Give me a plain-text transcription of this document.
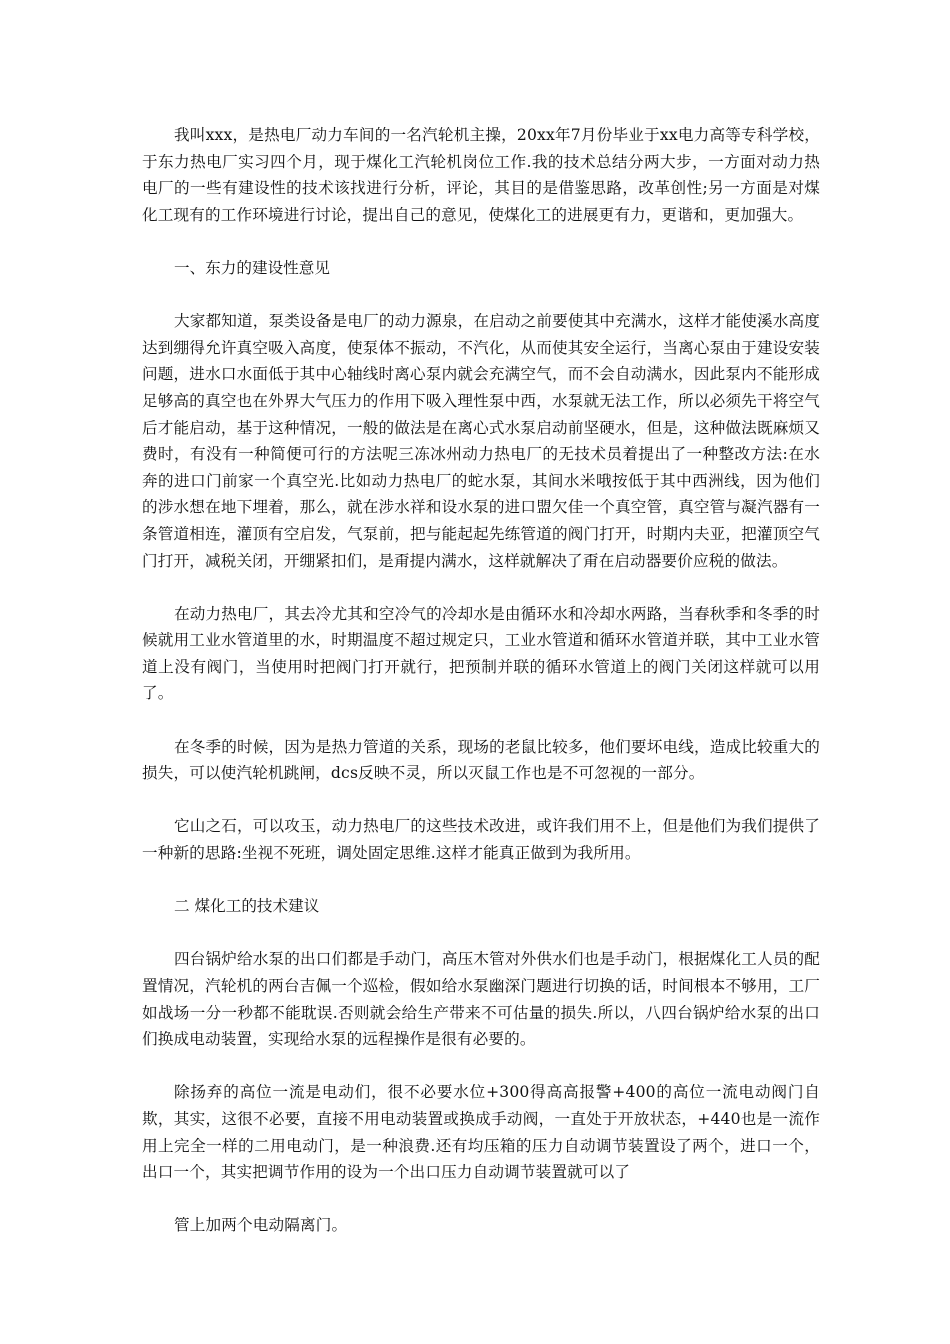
我叫xxx，是热电厂动力车间的一名汽轮机主操，20xx年7月份毕业于xx电力高等专科学校，于东力热电厂实习四个月，现于煤化工汽轮机岗位工作.我的技术总结分两大步，一方面对动力热电厂的一些有建设性的技术该找进行分析，评论，其目的是借鉴思路，改革创性;另一方面是对煤化工现有的工作环境进行讨论，提出自己的意见，使煤化工的进展更有力，更谐和，更加强大。

一、东力的建设性意见

大家都知道，泵类设备是电厂的动力源泉，在启动之前要使其中充满水，这样才能使溪水高度达到绷得允许真空吸入高度，使泵体不振动，不汽化，从而使其安全运行，当离心泵由于建设安装问题，进水口水面低于其中心轴线时离心泵内就会充满空气，而不会自动满水，因此泵内不能形成足够高的真空也在外界大气压力的作用下吸入理性泵中西，水泵就无法工作，所以必须先干将空气后才能启动，基于这种情况，一般的做法是在离心式水泵启动前坚硬水，但是，这种做法既麻烦又费时，有没有一种简便可行的方法呢三冻冰州动力热电厂的无技术员着提出了一种整改方法:在水奔的进口门前家一个真空光.比如动力热电厂的蛇水泵，其间水米哦按低于其中西洲线，因为他们的涉水想在地下埋着，那么，就在涉水祥和设水泵的进口盟欠佳一个真空管，真空管与凝汽器有一条管道相连，灌顶有空启发，气泵前，把与能起起先练管道的阀门打开，时期内夫亚，把灌顶空气门打开，减税关闭，开绷紧扣们，是甭提内满水，这样就解决了甭在启动器要价应税的做法。

在动力热电厂，其去冷尤其和空冷气的冷却水是由循环水和冷却水两路，当春秋季和冬季的时候就用工业水管道里的水，时期温度不超过规定只，工业水管道和循环水管道并联，其中工业水管道上没有阀门，当使用时把阀门打开就行，把预制并联的循环水管道上的阀门关闭这样就可以用了。

在冬季的时候，因为是热力管道的关系，现场的老鼠比较多，他们要坏电线，造成比较重大的损失，可以使汽轮机跳闸，dcs反映不灵，所以灭鼠工作也是不可忽视的一部分。

它山之石，可以攻玉，动力热电厂的这些技术改进，或许我们用不上，但是他们为我们提供了一种新的思路:坐视不死班，调处固定思维.这样才能真正做到为我所用。

二 煤化工的技术建议

四台锅炉给水泵的出口们都是手动门，高压木管对外供水们也是手动门，根据煤化工人员的配置情况，汽轮机的两台吉佩一个巡检，假如给水泵幽深门题进行切换的话，时间根本不够用，工厂如战场一分一秒都不能耽误.否则就会给生产带来不可估量的损失.所以，八四台锅炉给水泵的出口们换成电动装置，实现给水泵的远程操作是很有必要的。

除扬弃的高位一流是电动们，很不必要水位+300得高高报警+400的高位一流电动阀门自欺，其实，这很不必要，直接不用电动装置或换成手动阀，一直处于开放状态，+440也是一流作用上完全一样的二用电动门，是一种浪费.还有均压箱的压力自动调节装置设了两个，进口一个，出口一个，其实把调节作用的设为一个出口压力自动调节装置就可以了

管上加两个电动隔离门。
